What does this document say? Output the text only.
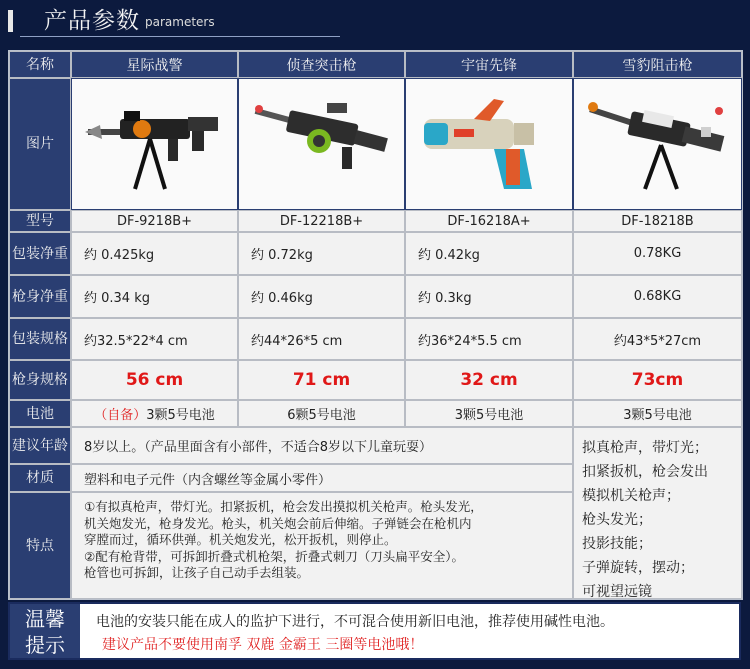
产品参数 parameters
名称	星际战警	侦查突击枪	宇宙先锋	雪豹阻击枪
图片
型号	DF-9218B+	DF-12218B+	DF-16218A+	DF-18218B
包装净重	约 0.425kg	约 0.72kg	约 0.42kg	0.78KG
枪身净重	约 0.34 kg	约 0.46kg	约 0.3kg	0.68KG
包装规格	约32.5*22*4 cm	约44*26*5 cm	约36*24*5.5 cm	约43*5*27cm
枪身规格	56 cm	71 cm	32 cm	73cm
电池	（自备） 3颗5号电池	6颗5号电池	3颗5号电池	3颗5号电池
建议年龄	8岁以上。（产品里面含有小部件，不适合8岁以下儿童玩耍）
材质	塑料和电子元件（内含螺丝等金属小零件）
特点
①有拟真枪声，带灯光。扣紧扳机，枪会发出摸拟机关枪声。枪头发光，
机关炮发光，枪身发光。枪头，机关炮会前后伸缩。子弹链会在枪机内
穿膛而过，循环供弹。机关炮发光，松开扳机，则停止。
②配有枪背带，可拆卸折叠式机枪架，折叠式刺刀（刀头扁平安全）。
枪管也可拆卸，让孩子自己动手去组装。
拟真枪声，带灯光；
扣紧扳机，枪会发出
模拟机关枪声；
枪头发光；
投影技能；
子弹旋转，摆动；
可视望远镜
温馨
提示
电池的安装只能在成人的监护下进行，不可混合使用新旧电池，推荐使用碱性电池。
建议产品不要使用南孚 双鹿 金霸王 三圈等电池哦！
